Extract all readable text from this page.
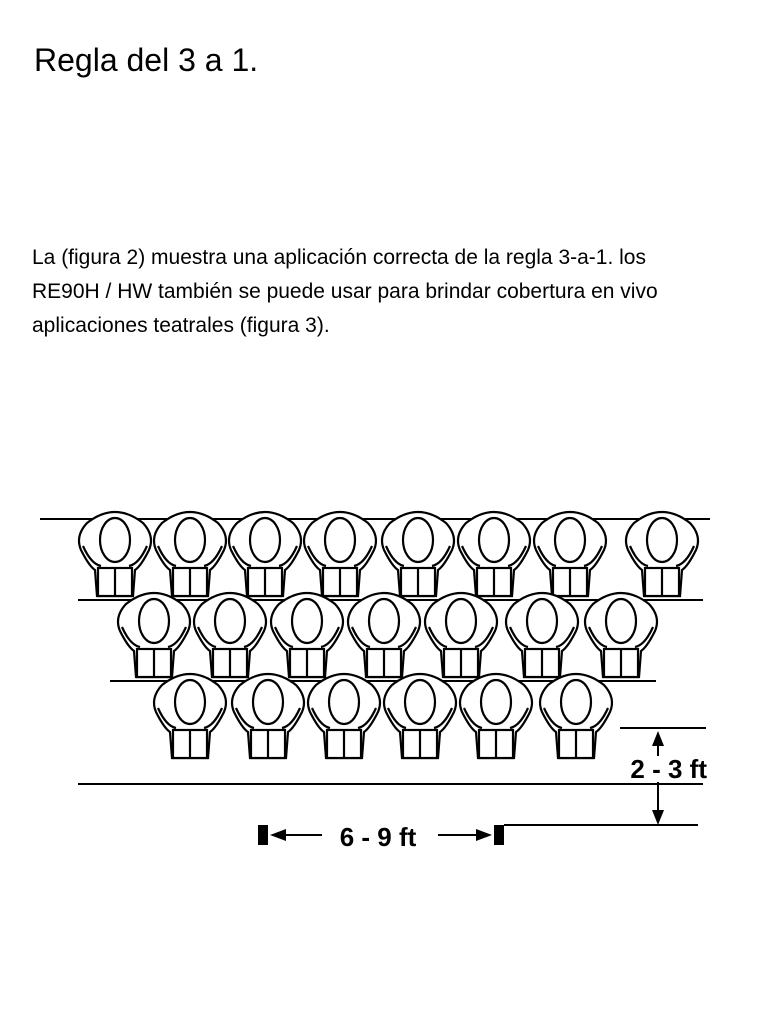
Regla del 3 a 1.
La (figura 2) muestra una aplicación correcta de la regla 3-a-1. los
RE90H / HW también se puede usar para brindar cobertura en vivo
aplicaciones teatrales (figura 3).
6 - 9 ft
2 - 3 ft
